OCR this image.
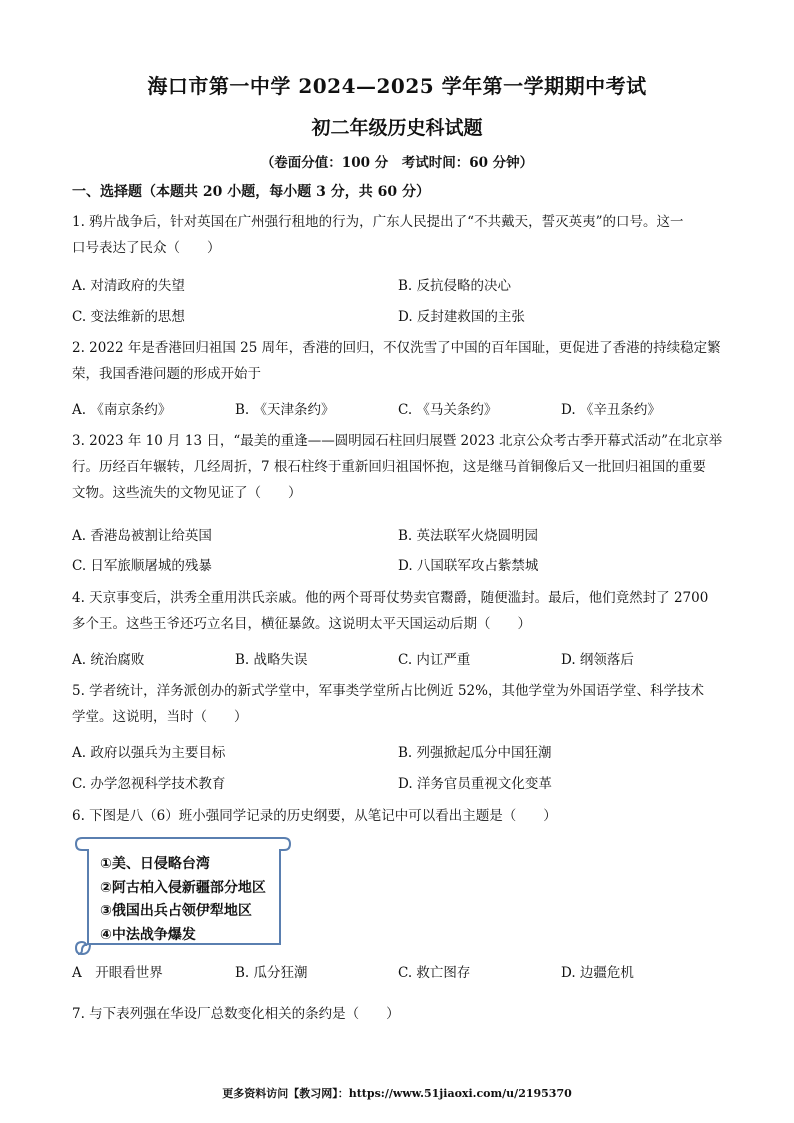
海口市第一中学 2024—2025 学年第一学期期中考试
初二年级历史科试题
（卷面分值：100 分　考试时间：60 分钟）
一、选择题（本题共 20 小题，每小题 3 分，共 60 分）
1. 鸦片战争后，针对英国在广州强行租地的行为，广东人民提出了“不共戴天，誓灭英夷”的口号。这一
口号表达了民众（　　）
A. 对清政府的失望	B. 反抗侵略的决心
C. 变法维新的思想	D. 反封建救国的主张
2. 2022 年是香港回归祖国 25 周年，香港的回归，不仅洗雪了中国的百年国耻，更促进了香港的持续稳定繁
荣，我国香港问题的形成开始于
A. 《南京条约》	B. 《天津条约》	C. 《马关条约》	D. 《辛丑条约》
3. 2023 年 10 月 13 日，“最美的重逢——圆明园石柱回归展暨 2023 北京公众考古季开幕式活动”在北京举
行。历经百年辗转，几经周折，7 根石柱终于重新回归祖国怀抱，这是继马首铜像后又一批回归祖国的重要
文物。这些流失的文物见证了（　　）
A. 香港岛被割让给英国	B. 英法联军火烧圆明园
C. 日军旅顺屠城的残暴	D. 八国联军攻占紫禁城
4. 天京事变后，洪秀全重用洪氏亲戚。他的两个哥哥仗势卖官鬻爵，随便滥封。最后，他们竟然封了 2700
多个王。这些王爷还巧立名目，横征暴敛。这说明太平天国运动后期（　　）
A. 统治腐败	B. 战略失误	C. 内讧严重	D. 纲领落后
5. 学者统计，洋务派创办的新式学堂中，军事类学堂所占比例近 52%，其他学堂为外国语学堂、科学技术
学堂。这说明，当时（　　）
A. 政府以强兵为主要目标	B. 列强掀起瓜分中国狂潮
C. 办学忽视科学技术教育	D. 洋务官员重视文化变革
6. 下图是八（6）班小强同学记录的历史纲要，从笔记中可以看出主题是（　　）
①美、日侵略台湾
②阿古柏入侵新疆部分地区
③俄国出兵占领伊犁地区
④中法战争爆发
A　开眼看世界	B. 瓜分狂潮	C. 救亡图存	D. 边疆危机
7. 与下表列强在华设厂总数变化相关的条约是（　　）
更多资料访问【教习网】：https://www.51jiaoxi.com/u/2195370
